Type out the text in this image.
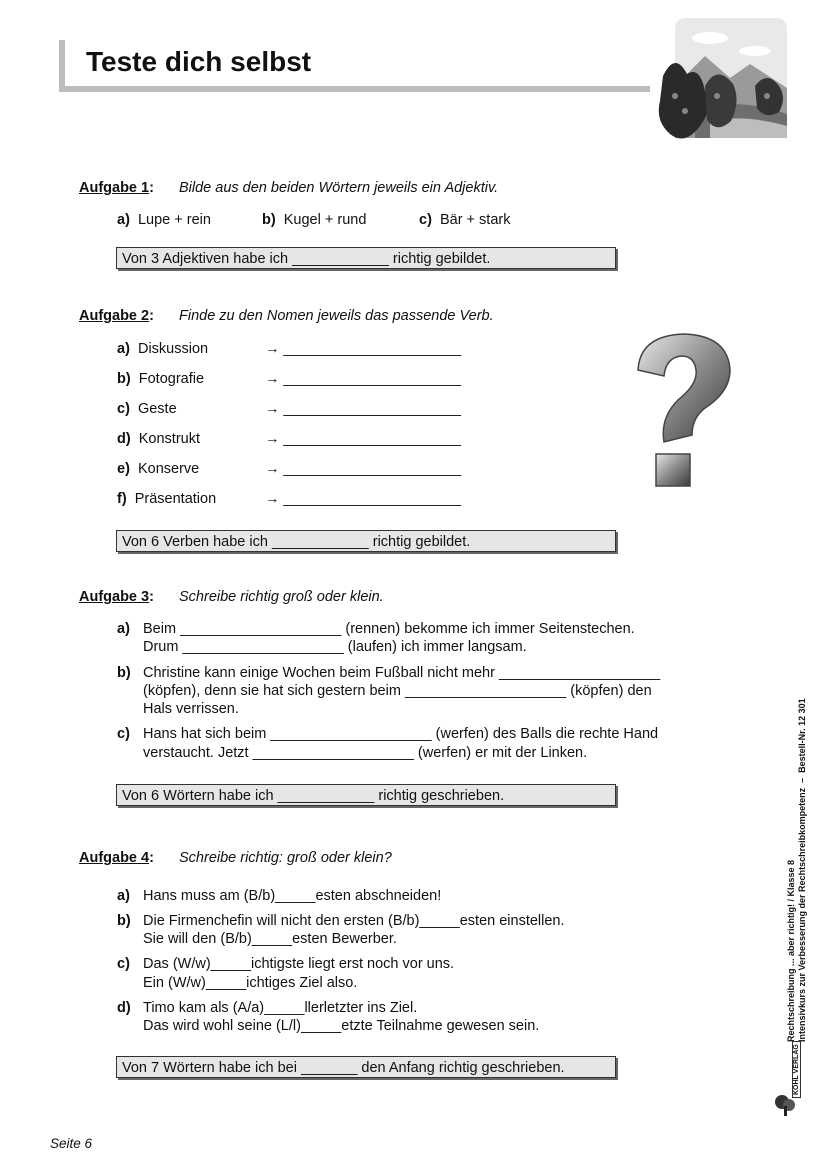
Teste dich selbst
Aufgabe 1: Bilde aus den beiden Wörtern jeweils ein Adjektiv.
a) Lupe + rein	b) Kugel + rund	c) Bär + stark
Von 3 Adjektiven habe ich ____________ richtig gebildet.
Aufgabe 2: Finde zu den Nomen jeweils das passende Verb.
a) Diskussion	→ ______________________
b) Fotografie	→ ______________________
c) Geste	→ ______________________
d) Konstrukt	→ ______________________
e) Konserve	→ ______________________
f) Präsentation	→ ______________________
Von 6 Verben habe ich ____________ richtig gebildet.
Aufgabe 3: Schreibe richtig groß oder klein.
a) Beim ____________________ (rennen) bekomme ich immer Seitenstechen.
Drum ____________________ (laufen) ich immer langsam.
b) Christine kann einige Wochen beim Fußball nicht mehr ____________________
(köpfen), denn sie hat sich gestern beim ____________________ (köpfen) den
Hals verrissen.
c) Hans hat sich beim ____________________ (werfen) des Balls die rechte Hand
verstaucht. Jetzt ____________________ (werfen) er mit der Linken.
Von 6 Wörtern habe ich ____________ richtig geschrieben.
Aufgabe 4: Schreibe richtig: groß oder klein?
a) Hans muss am (B/b)_____esten abschneiden!
b) Die Firmenchefin will nicht den ersten (B/b)_____esten einstellen.
Sie will den (B/b)_____esten Bewerber.
c) Das (W/w)_____ichtigste liegt erst noch vor uns.
Ein (W/w)_____ichtiges Ziel also.
d) Timo kam als (A/a)_____llerletzter ins Ziel.
Das wird wohl seine (L/l)_____etzte Teilnahme gewesen sein.
Von 7 Wörtern habe ich bei _______ den Anfang richtig geschrieben.
Rechtschreibung ... aber richtig! / Klasse 8 Intensivkurs zur Verbesserung der Rechtschreibkompetenz  –  Bestell-Nr. 12 301
KOHL VERLAG
Seite 6
